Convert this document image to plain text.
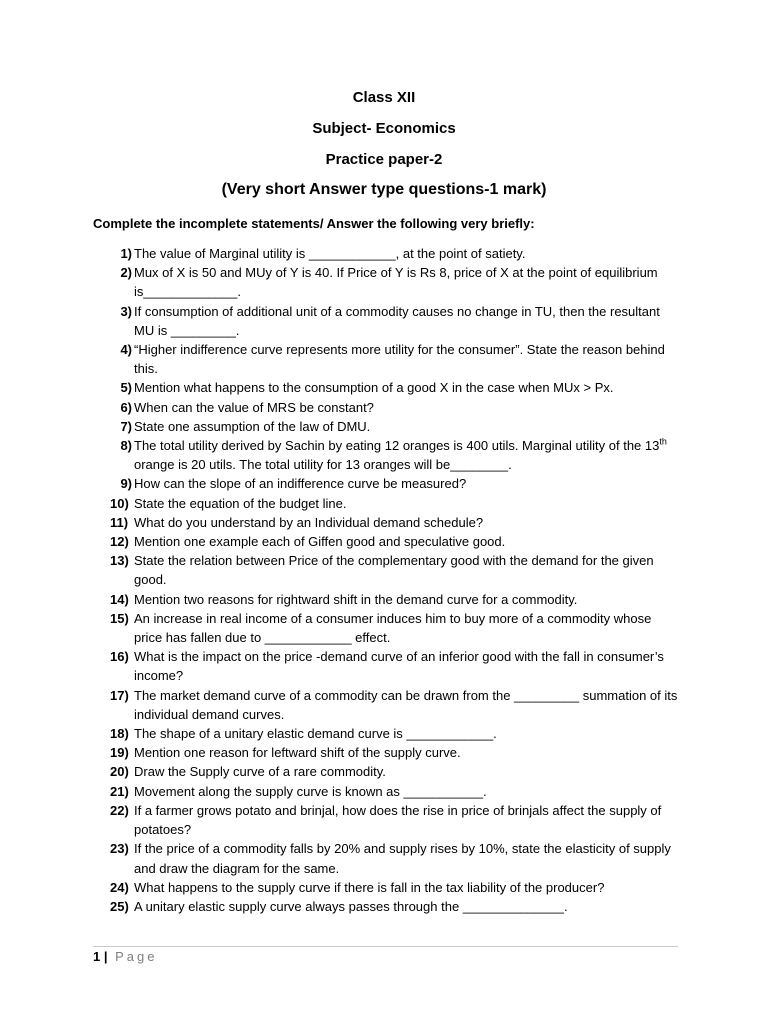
Class XII

Subject- Economics

Practice paper-2

(Very short Answer type questions-1 mark)

Complete the incomplete statements/ Answer the following very briefly:

1) The value of Marginal utility is ____________, at the point of satiety.
2) Mux of X is 50 and MUy of Y is 40. If Price of Y is Rs 8, price of X at the point of equilibrium is_____________.
3) If consumption of additional unit of a commodity causes no change in TU, then the resultant MU is _________.
4) “Higher indifference curve represents more utility for the consumer”. State the reason behind this.
5) Mention what happens to the consumption of a good X in the case when MUx > Px.
6) When can the value of MRS be constant?
7) State one assumption of the law of DMU.
8) The total utility derived by Sachin by eating 12 oranges is 400 utils. Marginal utility of the 13th orange is 20 utils. The total utility for 13 oranges will be________.
9) How can the slope of an indifference curve be measured?
10) State the equation of the budget line.
11) What do you understand by an Individual demand schedule?
12) Mention one example each of Giffen good and speculative good.
13) State the relation between Price of the complementary good with the demand for the given good.
14) Mention two reasons for rightward shift in the demand curve for a commodity.
15) An increase in real income of a consumer induces him to buy more of a commodity whose price has fallen due to ____________ effect.
16) What is the impact on the price -demand curve of an inferior good with the fall in consumer’s income?
17) The market demand curve of a commodity can be drawn from the _________ summation of its individual demand curves.
18) The shape of a unitary elastic demand curve is ____________.
19) Mention one reason for leftward shift of the supply curve.
20) Draw the Supply curve of a rare commodity.
21) Movement along the supply curve is known as ___________.
22) If a farmer grows potato and brinjal, how does the rise in price of brinjals affect the supply of potatoes?
23) If the price of a commodity falls by 20% and supply rises by 10%, state the elasticity of supply and draw the diagram for the same.
24) What happens to the supply curve if there is fall in the tax liability of the producer?
25) A unitary elastic supply curve always passes through the ______________.
1 | Page
